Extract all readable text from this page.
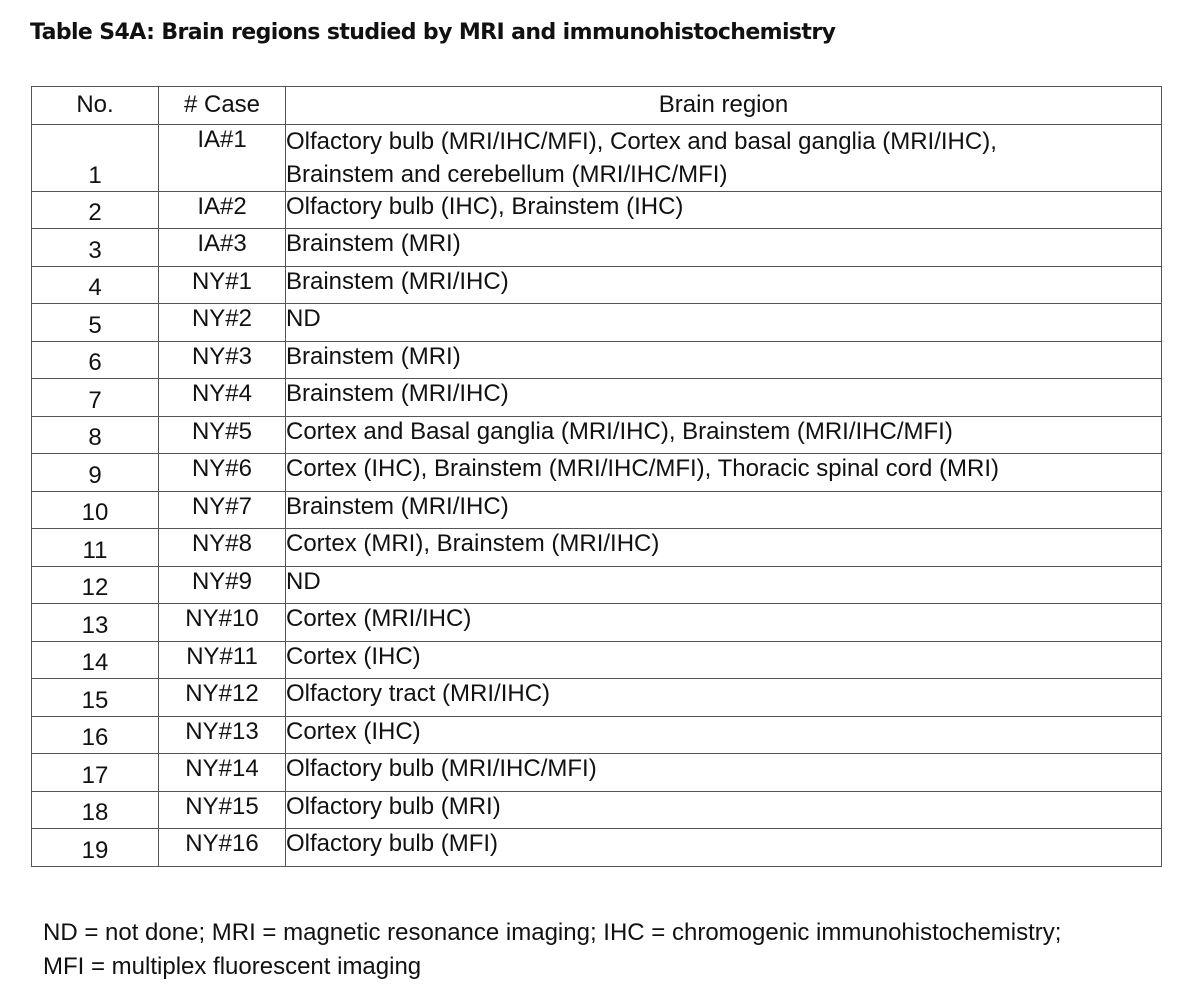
Table S4A: Brain regions studied by MRI and immunohistochemistry
No.	# Case	Brain region
1	IA#1	Olfactory bulb (MRI/IHC/MFI), Cortex and basal ganglia (MRI/IHC),
Brainstem and cerebellum (MRI/IHC/MFI)

2	IA#2	Olfactory bulb (IHC), Brainstem (IHC)

3	IA#3	Brainstem (MRI)

4	NY#1	Brainstem (MRI/IHC)

5	NY#2	ND

6	NY#3	Brainstem (MRI)

7	NY#4	Brainstem (MRI/IHC)

8	NY#5	Cortex and Basal ganglia (MRI/IHC), Brainstem (MRI/IHC/MFI)

9	NY#6	Cortex (IHC), Brainstem (MRI/IHC/MFI), Thoracic spinal cord (MRI)

10	NY#7	Brainstem (MRI/IHC)

11	NY#8	Cortex (MRI), Brainstem (MRI/IHC)

12	NY#9	ND

13	NY#10	Cortex (MRI/IHC)

14	NY#11	Cortex (IHC)

15	NY#12	Olfactory tract (MRI/IHC)

16	NY#13	Cortex (IHC)

17	NY#14	Olfactory bulb (MRI/IHC/MFI)

18	NY#15	Olfactory bulb (MRI)

19	NY#16	Olfactory bulb (MFI)
ND = not done; MRI = magnetic resonance imaging; IHC = chromogenic immunohistochemistry;
MFI = multiplex fluorescent imaging
